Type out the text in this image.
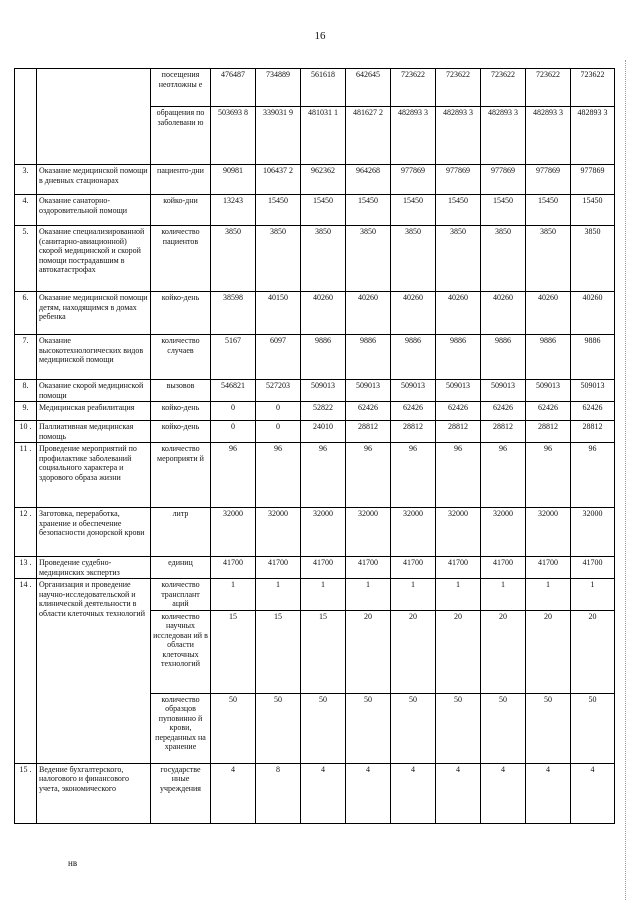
16
		посещения неотложны е	476487	734889	561618	642645	723622	723622	723622	723622	723622
		обращения по заболевани ю	503693 8	339031 9	481031 1	481627 2	482893 3	482893 3	482893 3	482893 3	482893 3
3.	Оказание медицинской помощи в дневных стационарах	пациенто-дни	90981	106437 2	962362	964268	977869	977869	977869	977869	977869
4.	Оказание санаторно-оздоровительной помощи	койко-дни	13243	15450	15450	15450	15450	15450	15450	15450	15450
5.	Оказание специализированной (санитарно-авиационной) скорой медицинской и скорой помощи пострадавшим в автокатастрофах	количество пациентов	3850	3850	3850	3850	3850	3850	3850	3850	3850
6.	Оказание медицинской помощи детям, находящимся в домах ребенка	койко-день	38598	40150	40260	40260	40260	40260	40260	40260	40260
7.	Оказание высокотехнологических видов медицинской помощи	количество случаев	5167	6097	9886	9886	9886	9886	9886	9886	9886
8.	Оказание скорой медицинской помощи	вызовов	546821	527203	509013	509013	509013	509013	509013	509013	509013
9.	Медицинская реабилитация	койко-день	0	0	52822	62426	62426	62426	62426	62426	62426
10 .	Паллиативная медицинская помощь	койко-день	0	0	24010	28812	28812	28812	28812	28812	28812
11 .	Проведение мероприятий по профилактике заболеваний социального характера и здорового образа жизни	количество мероприяти й	96	96	96	96	96	96	96	96	96
12 .	Заготовка, переработка, хранение и обеспечение безопасности донорской крови	литр	32000	32000	32000	32000	32000	32000	32000	32000	32000
13 .	Проведение судебно-медицинских экспертиз	единиц	41700	41700	41700	41700	41700	41700	41700	41700	41700
14 .	Организация и проведение научно-исследовательской и клинической деятельности в области клеточных технологий	количество трансплант аций	1	1	1	1	1	1	1	1	1
		количество научных исследован ий в области клеточных технологий	15	15	15	20	20	20	20	20	20
		количество образцов пуповинно й крови, переданных на хранение	50	50	50	50	50	50	50	50	50
15 .	Ведение бухгалтерского, налогового и финансового учета, экономического	государстве нные учреждения	4	8	4	4	4	4	4	4	4
нв
